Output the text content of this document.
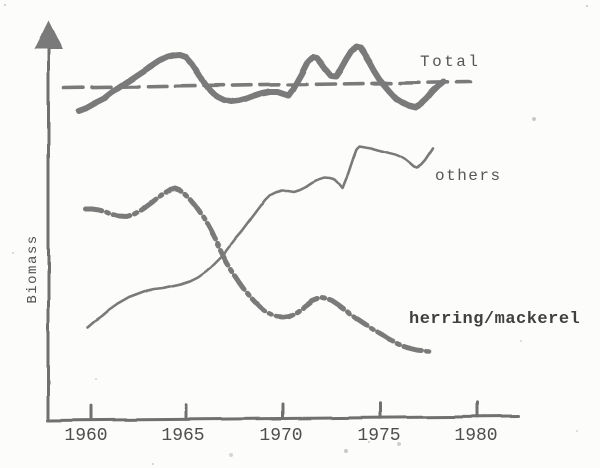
Biomass
Total
others
herring/mackerel
1960	1965	1970	1975	1980
